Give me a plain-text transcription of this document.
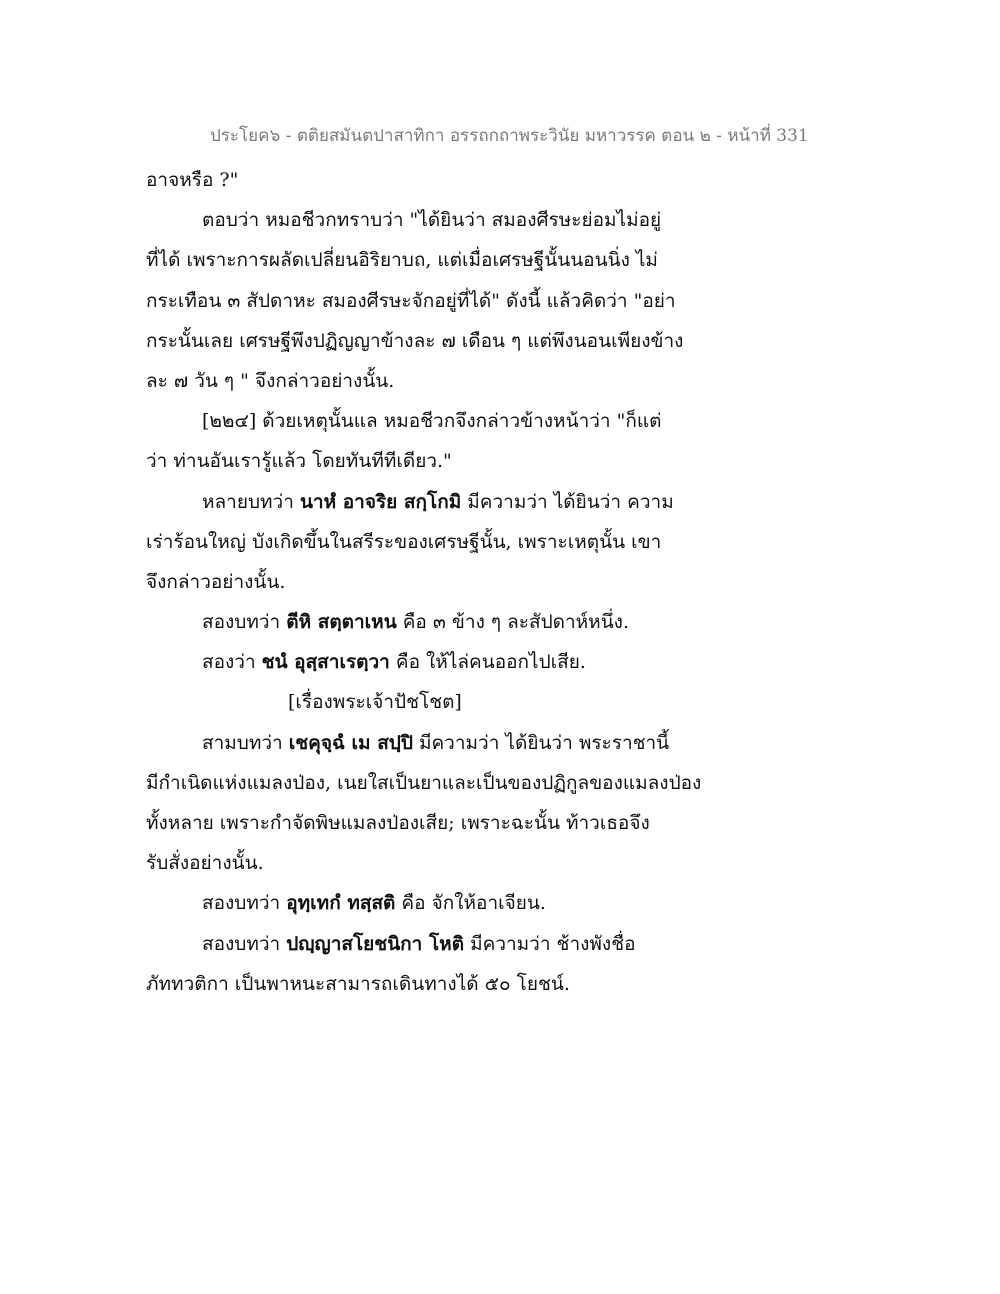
ประโยค๖ - ตติยสมันตปาสาทิกา อรรถกถาพระวินัย มหาวรรค ตอน ๒ - หน้าที่ 331
อาจหรือ ?"
ตอบว่า หมอชีวกทราบว่า "ได้ยินว่า สมองศีรษะย่อมไม่อยู่
ที่ได้ เพราะการผลัดเปลี่ยนอิริยาบถ, แต่เมื่อเศรษฐีนั้นนอนนิ่ง ไม่
กระเทือน ๓ สัปดาหะ สมองศีรษะจักอยู่ที่ได้" ดังนี้ แล้วคิดว่า "อย่า
กระนั้นเลย เศรษฐีพึงปฏิญญาข้างละ ๗ เดือน ๆ แต่พึงนอนเพียงข้าง
ละ ๗ วัน ๆ " จึงกล่าวอย่างนั้น.
[๒๒๔] ด้วยเหตุนั้นแล หมอชีวกจึงกล่าวข้างหน้าว่า "ก็แต่
ว่า ท่านอันเรารู้แล้ว โดยทันทีทีเดียว."
หลายบทว่า นาหํ อาจริย สกฺโกมิ มีความว่า ได้ยินว่า ความ
เร่าร้อนใหญ่ บังเกิดขึ้นในสรีระของเศรษฐีนั้น, เพราะเหตุนั้น เขา
จึงกล่าวอย่างนั้น.
สองบทว่า ตีหิ สตฺตาเหน คือ ๓ ข้าง ๆ ละสัปดาห์หนึ่ง.
สองว่า ชนํ อุสฺสาเรตฺวา คือ ให้ไล่คนออกไปเสีย.
[เรื่องพระเจ้าปัชโชต]
สามบทว่า เชคุจฺฉํ เม สปฺปิ มีความว่า ได้ยินว่า พระราชานี้
มีกำเนิดแห่งแมลงป่อง, เนยใสเป็นยาและเป็นของปฏิกูลของแมลงป่อง
ทั้งหลาย เพราะกำจัดพิษแมลงป่องเสีย; เพราะฉะนั้น ท้าวเธอจึง
รับสั่งอย่างนั้น.
สองบทว่า อุทฺเทกํ ทสฺสติ คือ จักให้อาเจียน.
สองบทว่า ปญฺญาสโยชนิกา โหติ มีความว่า ช้างพังชื่อ
ภัททวติกา เป็นพาหนะสามารถเดินทางได้ ๕๐ โยชน์.
